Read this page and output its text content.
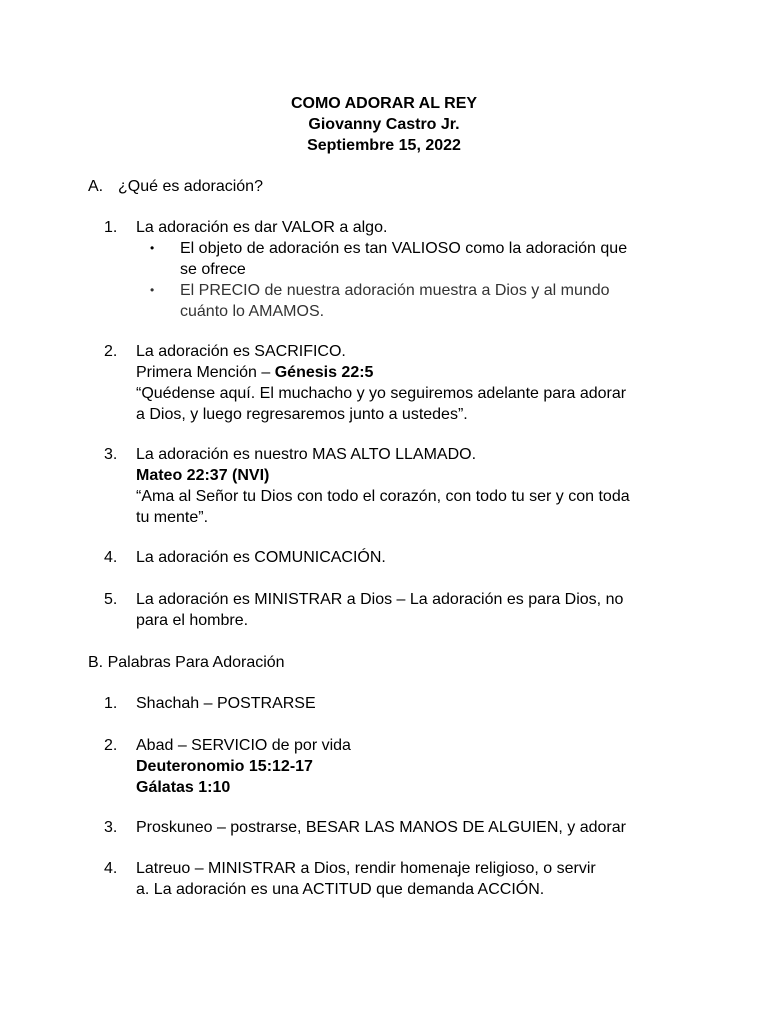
COMO ADORAR AL REY
Giovanny Castro Jr.
Septiembre 15, 2022
A. ¿Qué es adoración?
1. La adoración es dar VALOR a algo.
• El objeto de adoración es tan VALIOSO como la adoración que
se ofrece
• El PRECIO de nuestra adoración muestra a Dios y al mundo
cuánto lo AMAMOS.
2. La adoración es SACRIFICO.
Primera Mención – Génesis 22:5
“Quédense aquí. El muchacho y yo seguiremos adelante para adorar
a Dios, y luego regresaremos junto a ustedes”.
3. La adoración es nuestro MAS ALTO LLAMADO.
Mateo 22:37 (NVI)
“Ama al Señor tu Dios con todo el corazón, con todo tu ser y con toda
tu mente”.
4. La adoración es COMUNICACIÓN.
5. La adoración es MINISTRAR a Dios – La adoración es para Dios, no
para el hombre.
B. Palabras Para Adoración
1. Shachah – POSTRARSE
2. Abad – SERVICIO de por vida
Deuteronomio 15:12-17
Gálatas 1:10
3. Proskuneo – postrarse, BESAR LAS MANOS DE ALGUIEN, y adorar
4. Latreuo – MINISTRAR a Dios, rendir homenaje religioso, o servir
a. La adoración es una ACTITUD que demanda ACCIÓN.
